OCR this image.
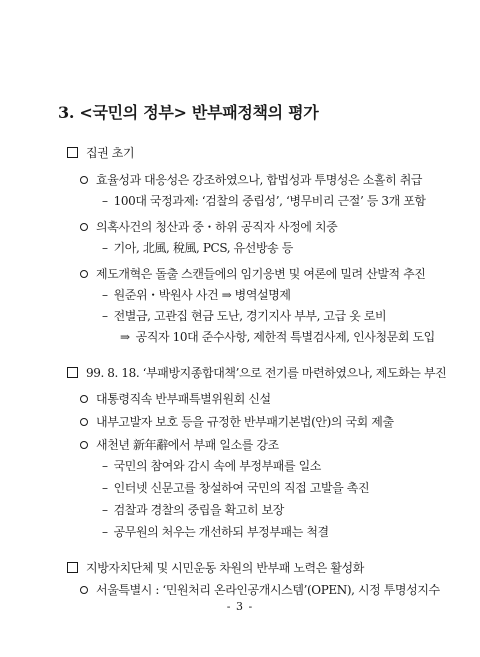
3. <국민의 정부> 반부패정책의 평가
집권 초기
효율성과 대응성은 강조하였으나, 합법성과 투명성은 소홀히 취급
– 100대 국정과제: ‘검찰의 중립성’, ‘병무비리 근절’ 등 3개 포함
의혹사건의 청산과 중・하위 공직자 사정에 치중
– 기아, 北風, 稅風, PCS, 유선방송 등
제도개혁은 돌출 스캔들에의 임기응변 및 여론에 밀려 산발적 추진
– 원준위・박원사 사건 ⇒ 병역설명제
– 전별금, 고관집 현금 도난, 경기지사 부부, 고급 옷 로비
⇒ 공직자 10대 준수사항, 제한적 특별검사제, 인사청문회 도입
99. 8. 18. ‘부패방지종합대책’으로 전기를 마련하였으나, 제도화는 부진
대통령직속 반부패특별위원회 신설
내부고발자 보호 등을 규정한 반부패기본법(안)의 국회 제출
새천년 新年辭에서 부패 일소를 강조
– 국민의 참여와 감시 속에 부정부패를 일소
– 인터넷 신문고를 창설하여 국민의 직접 고발을 촉진
– 검찰과 경찰의 중립을 확고히 보장
– 공무원의 처우는 개선하되 부정부패는 척결
지방자치단체 및 시민운동 차원의 반부패 노력은 활성화
서울특별시 : ‘민원처리 온라인공개시스템’(OPEN), 시정 투명성지수
- 3 -
